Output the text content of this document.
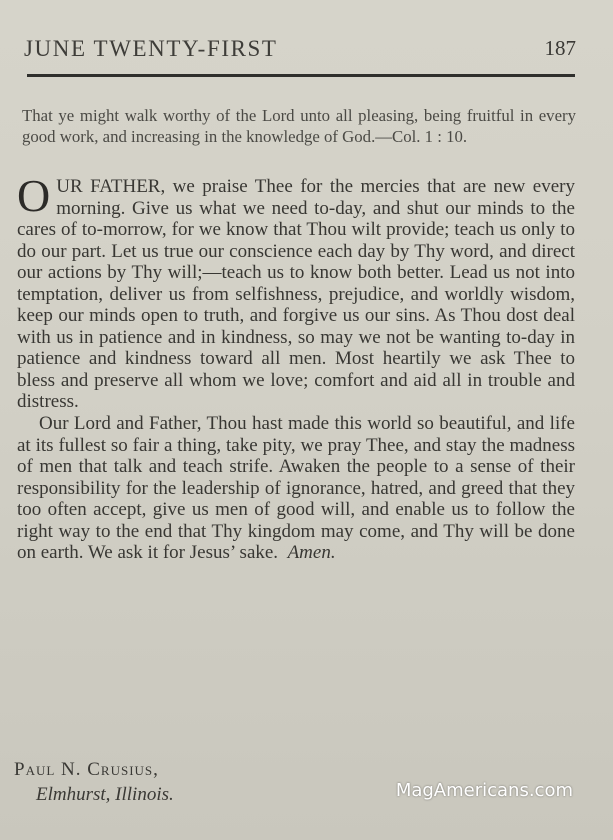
JUNE TWENTY-FIRST	187
That ye might walk worthy of the Lord unto all pleasing, being fruitful in every good work, and increasing in the knowledge of God.—Col. 1 : 10.

OUR FATHER, we praise Thee for the mercies that are new every morning. Give us what we need to-day, and shut our minds to the cares of to-morrow, for we know that Thou wilt provide; teach us only to do our part. Let us true our conscience each day by Thy word, and direct our actions by Thy will;—teach us to know both better. Lead us not into temptation, deliver us from selfishness, prejudice, and worldly wisdom, keep our minds open to truth, and forgive us our sins. As Thou dost deal with us in patience and in kindness, so may we not be wanting to-day in patience and kindness toward all men. Most heartily we ask Thee to bless and preserve all whom we love; comfort and aid all in trouble and distress.

Our Lord and Father, Thou hast made this world so beautiful, and life at its fullest so fair a thing, take pity, we pray Thee, and stay the madness of men that talk and teach strife. Awaken the people to a sense of their responsibility for the leadership of ignorance, hatred, and greed that they too often accept, give us men of good will, and enable us to follow the right way to the end that Thy kingdom may come, and Thy will be done on earth. We ask it for Jesus’ sake. Amen.

Paul N. Crusius,
Elmhurst, Illinois.	MagAmericans.com
